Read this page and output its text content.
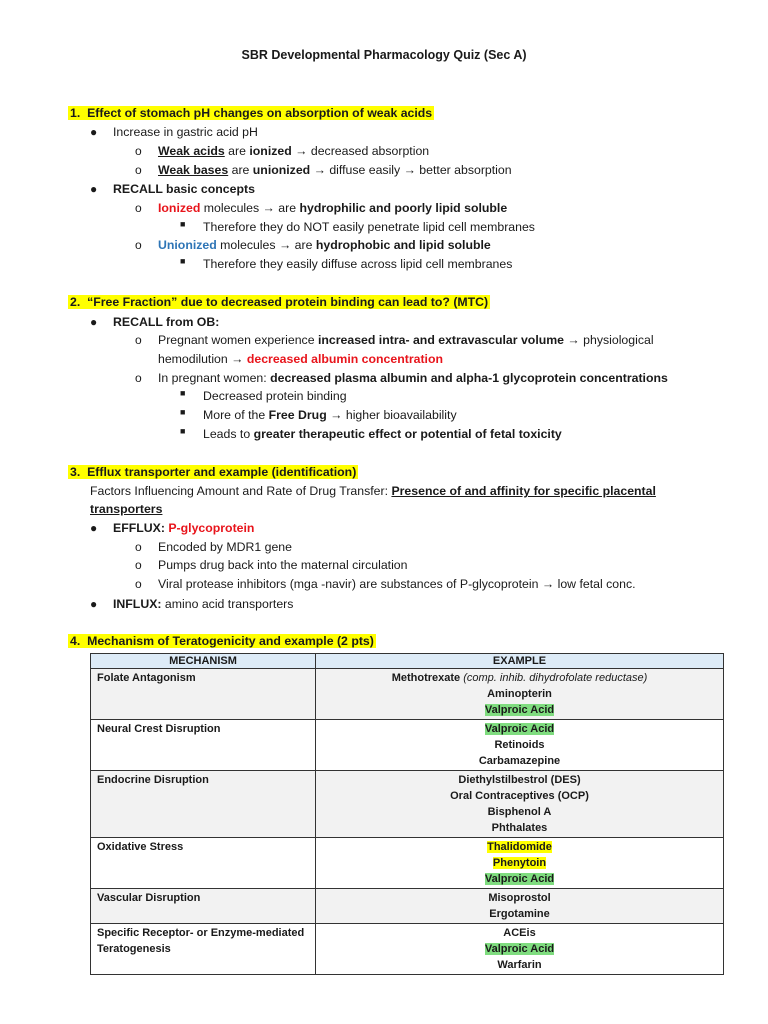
SBR Developmental Pharmacology Quiz (Sec A)
1.  Effect of stomach pH changes on absorption of weak acids
● Increase in gastric acid pH
o Weak acids are ionized → decreased absorption
o Weak bases are unionized → diffuse easily → better absorption
● RECALL basic concepts
o Ionized molecules → are hydrophilic and poorly lipid soluble
■ Therefore they do NOT easily penetrate lipid cell membranes
o Unionized molecules → are hydrophobic and lipid soluble
■ Therefore they easily diffuse across lipid cell membranes
2.  “Free Fraction” due to decreased protein binding can lead to? (MTC)
● RECALL from OB:
o Pregnant women experience increased intra- and extravascular volume → physiological
hemodilution → decreased albumin concentration
o In pregnant women: decreased plasma albumin and alpha-1 glycoprotein concentrations
■ Decreased protein binding
■ More of the Free Drug → higher bioavailability
■ Leads to greater therapeutic effect or potential of fetal toxicity
3.  Efflux transporter and example (identification)
Factors Influencing Amount and Rate of Drug Transfer: Presence of and affinity for specific placental
transporters
● EFFLUX: P-glycoprotein
o Encoded by MDR1 gene
o Pumps drug back into the maternal circulation
o Viral protease inhibitors (mga -navir) are substances of P-glycoprotein → low fetal conc.
● INFLUX: amino acid transporters
4.  Mechanism of Teratogenicity and example (2 pts)
MECHANISM	EXAMPLE
Folate Antagonism	Methotrexate (comp. inhib. dihydrofolate reductase)
Aminopterin
Valproic Acid

Neural Crest Disruption	Valproic Acid
Retinoids
Carbamazepine

Endocrine Disruption	Diethylstilbestrol (DES)
Oral Contraceptives (OCP)
Bisphenol A
Phthalates

Oxidative Stress	Thalidomide
Phenytoin
Valproic Acid

Vascular Disruption	Misoprostol
Ergotamine

Specific Receptor- or Enzyme-mediated Teratogenesis	ACEis
Valproic Acid
Warfarin
